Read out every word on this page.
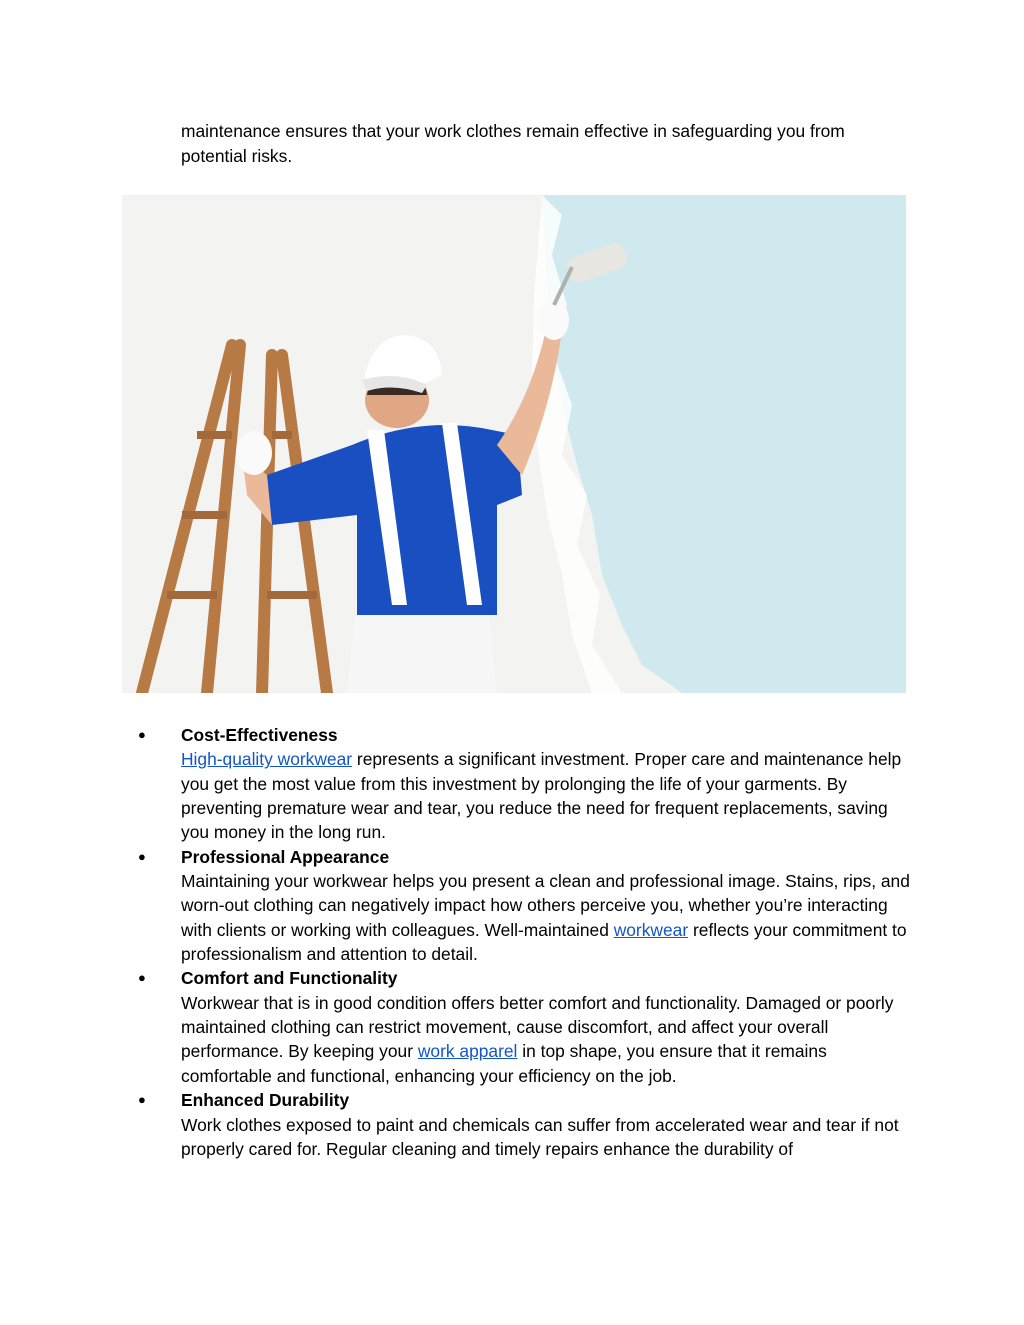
maintenance ensures that your work clothes remain effective in safeguarding you from potential risks.
●	Cost-Effectiveness
High-quality workwear represents a significant investment. Proper care and maintenance help you get the most value from this investment by prolonging the life of your garments. By preventing premature wear and tear, you reduce the need for frequent replacements, saving you money in the long run.
●	Professional Appearance
Maintaining your workwear helps you present a clean and professional image. Stains, rips, and worn-out clothing can negatively impact how others perceive you, whether you’re interacting with clients or working with colleagues. Well-maintained workwear reflects your commitment to professionalism and attention to detail.
●	Comfort and Functionality
Workwear that is in good condition offers better comfort and functionality. Damaged or poorly maintained clothing can restrict movement, cause discomfort, and affect your overall performance. By keeping your work apparel in top shape, you ensure that it remains comfortable and functional, enhancing your efficiency on the job.
●	Enhanced Durability
Work clothes exposed to paint and chemicals can suffer from accelerated wear and tear if not properly cared for. Regular cleaning and timely repairs enhance the durability of
